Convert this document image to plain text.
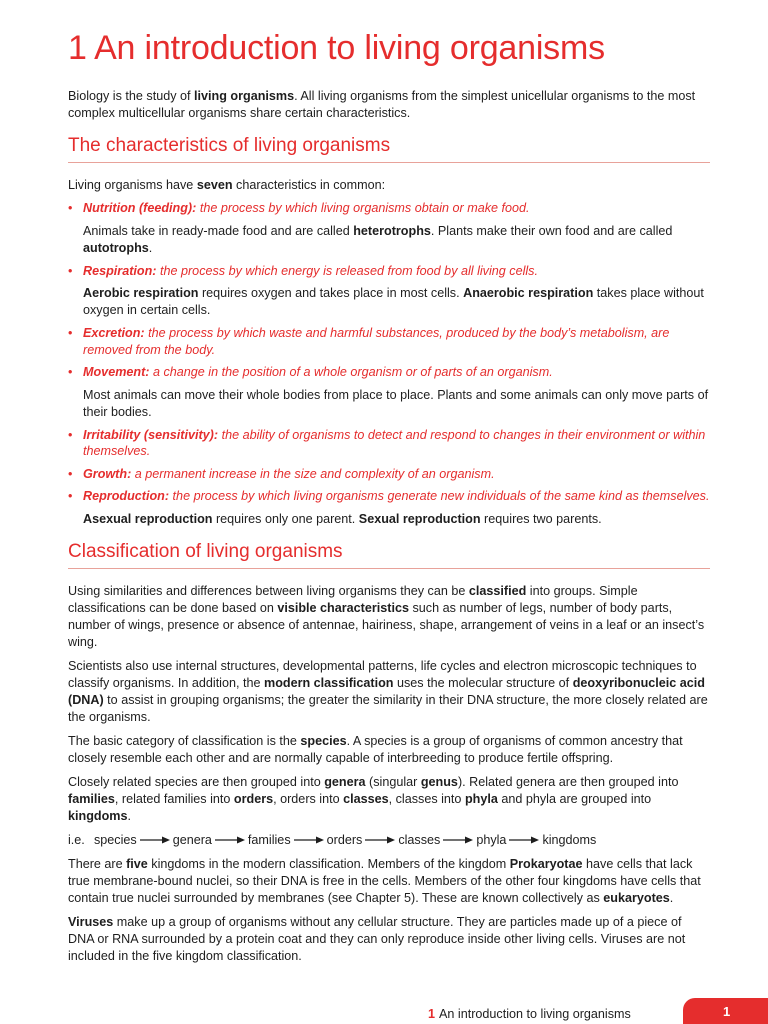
1 An introduction to living organisms

Biology is the study of living organisms. All living organisms from the simplest unicellular organisms to the most complex multicellular organisms share certain characteristics.

The characteristics of living organisms

Living organisms have seven characteristics in common:

• Nutrition (feeding): the process by which living organisms obtain or make food.

Animals take in ready-made food and are called heterotrophs. Plants make their own food and are called autotrophs.

• Respiration: the process by which energy is released from food by all living cells.

Aerobic respiration requires oxygen and takes place in most cells. Anaerobic respiration takes place without oxygen in certain cells.

• Excretion: the process by which waste and harmful substances, produced by the body’s metabolism, are removed from the body.
• Movement: a change in the position of a whole organism or of parts of an organism.

Most animals can move their whole bodies from place to place. Plants and some animals can only move parts of their bodies.

• Irritability (sensitivity): the ability of organisms to detect and respond to changes in their environment or within themselves.
• Growth: a permanent increase in the size and complexity of an organism.
• Reproduction: the process by which living organisms generate new individuals of the same kind as themselves.

Asexual reproduction requires only one parent. Sexual reproduction requires two parents.

Classification of living organisms

Using similarities and differences between living organisms they can be classified into groups. Simple classifications can be done based on visible characteristics such as number of legs, number of body parts, number of wings, presence or absence of antennae, hairiness, shape, arrangement of veins in a leaf or an insect’s wing.

Scientists also use internal structures, developmental patterns, life cycles and electron microscopic techniques to classify organisms. In addition, the modern classification uses the molecular structure of deoxyribonucleic acid (DNA) to assist in grouping organisms; the greater the similarity in their DNA structure, the more closely related are the organisms.

The basic category of classification is the species. A species is a group of organisms of common ancestry that closely resemble each other and are normally capable of interbreeding to produce fertile offspring.

Closely related species are then grouped into genera (singular genus). Related genera are then grouped into families, related families into orders, orders into classes, classes into phyla and phyla are grouped into kingdoms.

i.e. species	genera	families	orders	classes	phyla	kingdoms

There are five kingdoms in the modern classification. Members of the kingdom Prokaryotae have cells that lack true membrane-bound nuclei, so their DNA is free in the cells. Members of the other four kingdoms have cells that contain true nuclei surrounded by membranes (see Chapter 5). These are known collectively as eukaryotes.

Viruses make up a group of organisms without any cellular structure. They are particles made up of a piece of DNA or RNA surrounded by a protein coat and they can only reproduce inside other living cells. Viruses are not included in the five kingdom classification.

1 An introduction to living organisms	1
